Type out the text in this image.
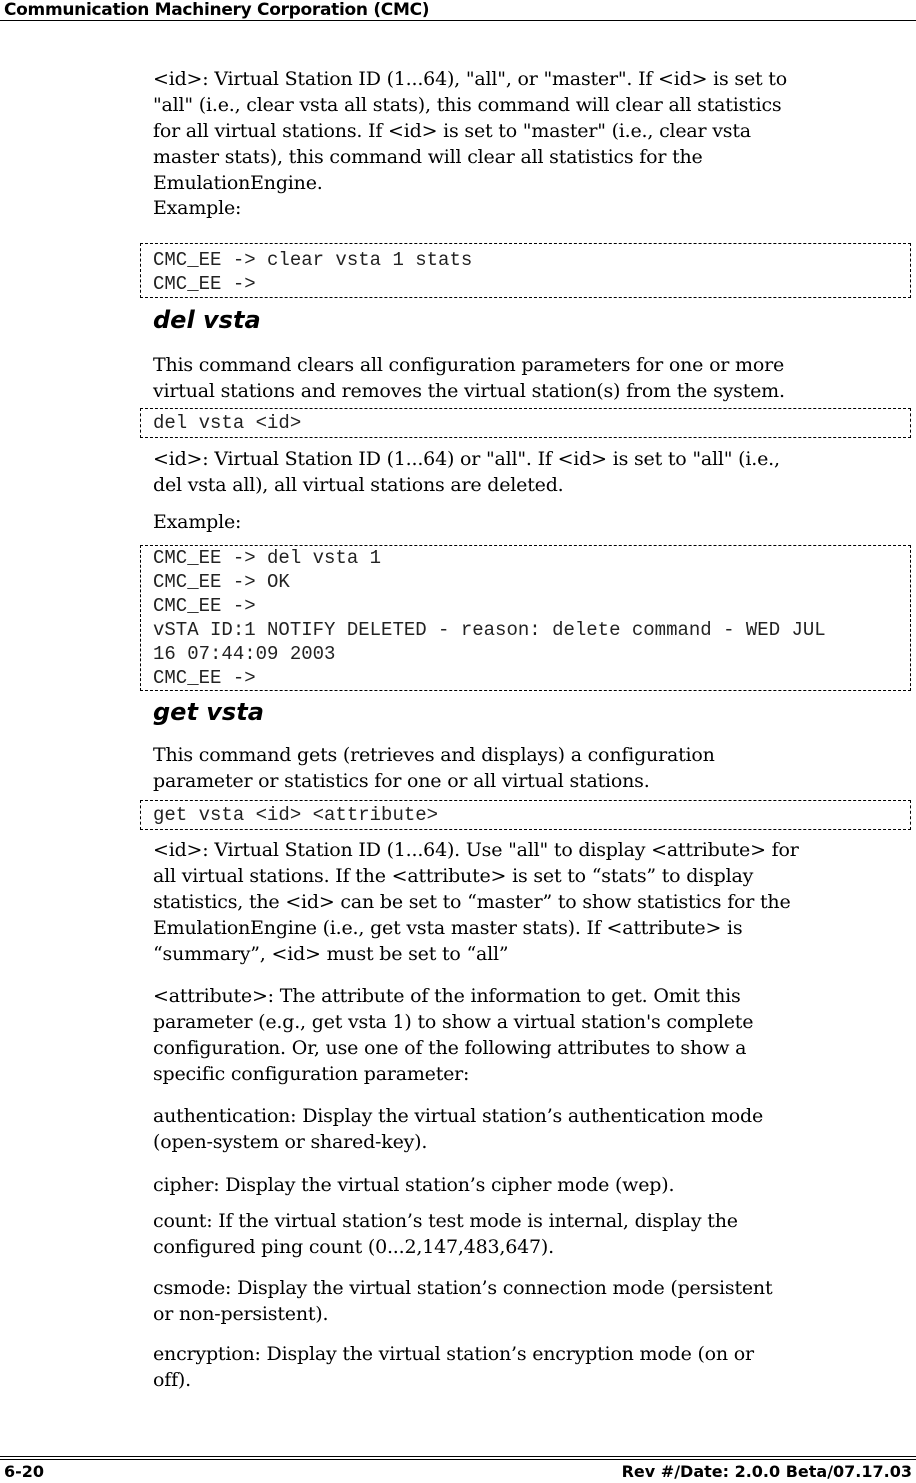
Communication Machinery Corporation (CMC)
<id>: Virtual Station ID (1...64), "all", or "master". If <id> is set to
"all" (i.e., clear vsta all stats), this command will clear all statistics
for all virtual stations. If <id> is set to "master" (i.e., clear vsta
master stats), this command will clear all statistics for the
EmulationEngine.
Example:
CMC_EE -> clear vsta 1 stats
CMC_EE ->
del vsta
This command clears all configuration parameters for one or more
virtual stations and removes the virtual station(s) from the system.
del vsta <id>
<id>: Virtual Station ID (1...64) or "all". If <id> is set to "all" (i.e.,
del vsta all), all virtual stations are deleted.
Example:
CMC_EE -> del vsta 1
CMC_EE -> OK
CMC_EE ->
vSTA ID:1 NOTIFY DELETED - reason: delete command - WED JUL
16 07:44:09 2003
CMC_EE ->
get vsta
This command gets (retrieves and displays) a configuration
parameter or statistics for one or all virtual stations.
get vsta <id> <attribute>
<id>: Virtual Station ID (1...64). Use "all" to display <attribute> for
all virtual stations. If the <attribute> is set to “stats” to display
statistics, the <id> can be set to “master” to show statistics for the
EmulationEngine (i.e., get vsta master stats). If <attribute> is
“summary”, <id> must be set to “all”
<attribute>: The attribute of the information to get. Omit this
parameter (e.g., get vsta 1) to show a virtual station's complete
configuration. Or, use one of the following attributes to show a
specific configuration parameter:
authentication: Display the virtual station’s authentication mode
(open-system or shared-key).
cipher: Display the virtual station’s cipher mode (wep).
count: If the virtual station’s test mode is internal, display the
configured ping count (0...2,147,483,647).
csmode: Display the virtual station’s connection mode (persistent
or non-persistent).
encryption: Display the virtual station’s encryption mode (on or
off).
6-20	Rev #/Date: 2.0.0 Beta/07.17.03
